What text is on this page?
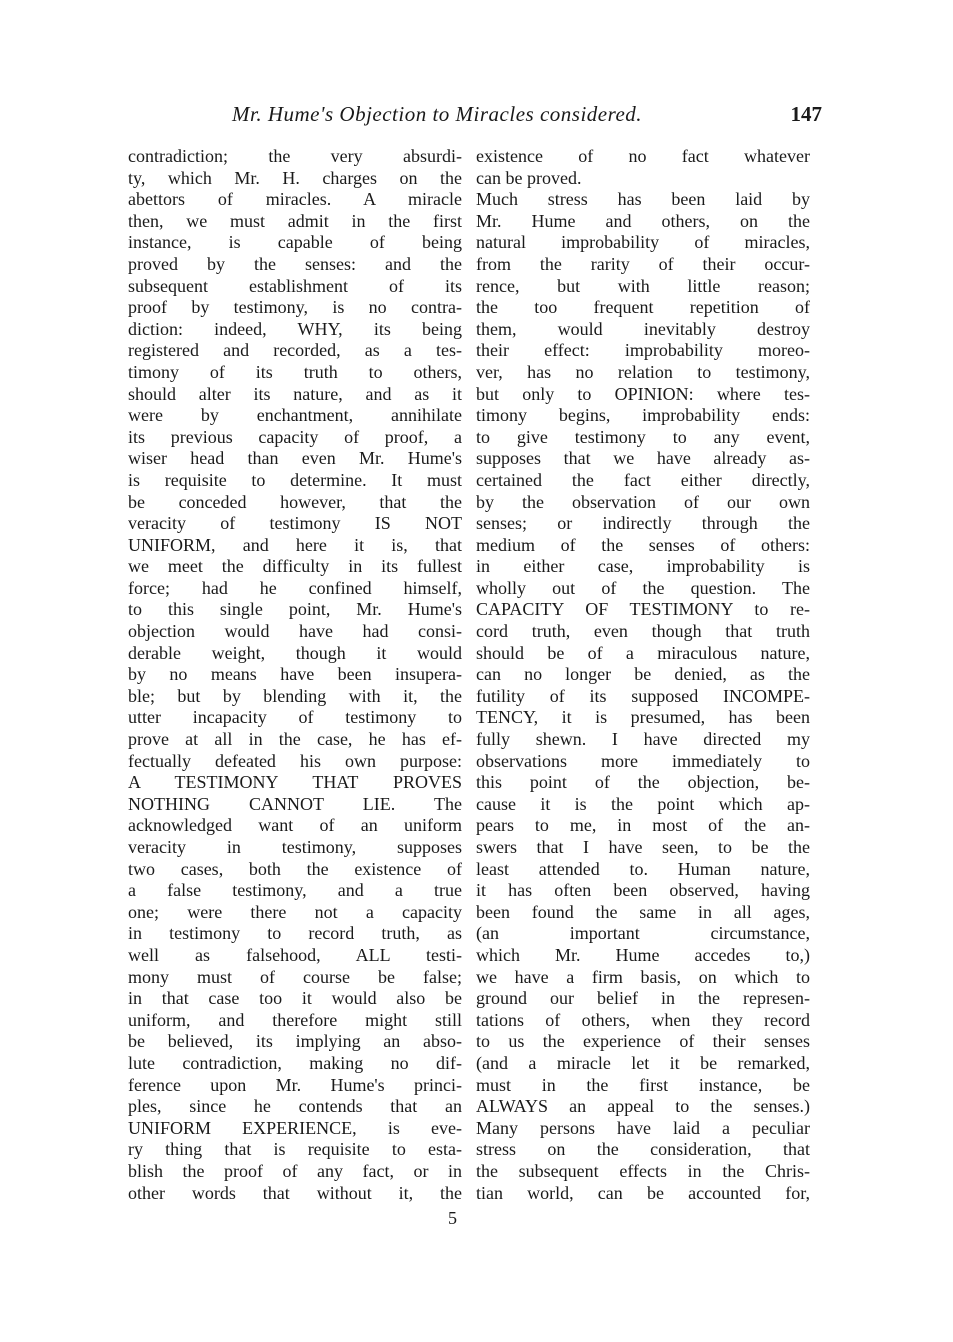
Mr. Hume's Objection to Miracles considered.	147
contradiction; the very absurdi-
ty, which Mr. H. charges on the
abettors of miracles. A miracle
then, we must admit in the first
instance, is capable of being
proved by the senses: and the
subsequent establishment of its
proof by testimony, is no contra-
diction: indeed, WHY, its being
registered and recorded, as a tes-
timony of its truth to others,
should alter its nature, and as it
were by enchantment, annihilate
its previous capacity of proof, a
wiser head than even Mr. Hume's
is requisite to determine. It must
be conceded however, that the
veracity of testimony IS NOT
UNIFORM, and here it is, that
we meet the difficulty in its fullest
force; had he confined himself,
to this single point, Mr. Hume's
objection would have had consi-
derable weight, though it would
by no means have been insupera-
ble; but by blending with it, the
utter incapacity of testimony to
prove at all in the case, he has ef-
fectually defeated his own purpose:
A TESTIMONY THAT PROVES
NOTHING CANNOT LIE. The
acknowledged want of an uniform
veracity in testimony, supposes
two cases, both the existence of
a false testimony, and a true
one; were there not a capacity
in testimony to record truth, as
well as falsehood, ALL testi-
mony must of course be false;
in that case too it would also be
uniform, and therefore might still
be believed, its implying an abso-
lute contradiction, making no dif-
ference upon Mr. Hume's princi-
ples, since he contends that an
UNIFORM EXPERIENCE, is eve-
ry thing that is requisite to esta-
blish the proof of any fact, or in
other words that without it, the
existence of no fact whatever
can be proved.
Much stress has been laid by
Mr. Hume and others, on the
natural improbability of miracles,
from the rarity of their occur-
rence, but with little reason;
the too frequent repetition of
them, would inevitably destroy
their effect: improbability moreo-
ver, has no relation to testimony,
but only to OPINION: where tes-
timony begins, improbability ends:
to give testimony to any event,
supposes that we have already as-
certained the fact either directly,
by the observation of our own
senses; or indirectly through the
medium of the senses of others:
in either case, improbability is
wholly out of the question. The
CAPACITY OF TESTIMONY to re-
cord truth, even though that truth
should be of a miraculous nature,
can no longer be denied, as the
futility of its supposed INCOMPE-
TENCY, it is presumed, has been
fully shewn. I have directed my
observations more immediately to
this point of the objection, be-
cause it is the point which ap-
pears to me, in most of the an-
swers that I have seen, to be the
least attended to. Human nature,
it has often been observed, having
been found the same in all ages,
(an important circumstance,
which Mr. Hume accedes to,)
we have a firm basis, on which to
ground our belief in the represen-
tations of others, when they record
to us the experience of their senses
(and a miracle let it be remarked,
must in the first instance, be
ALWAYS an appeal to the senses.)
Many persons have laid a peculiar
stress on the consideration, that
the subsequent effects in the Chris-
tian world, can be accounted for,
5
